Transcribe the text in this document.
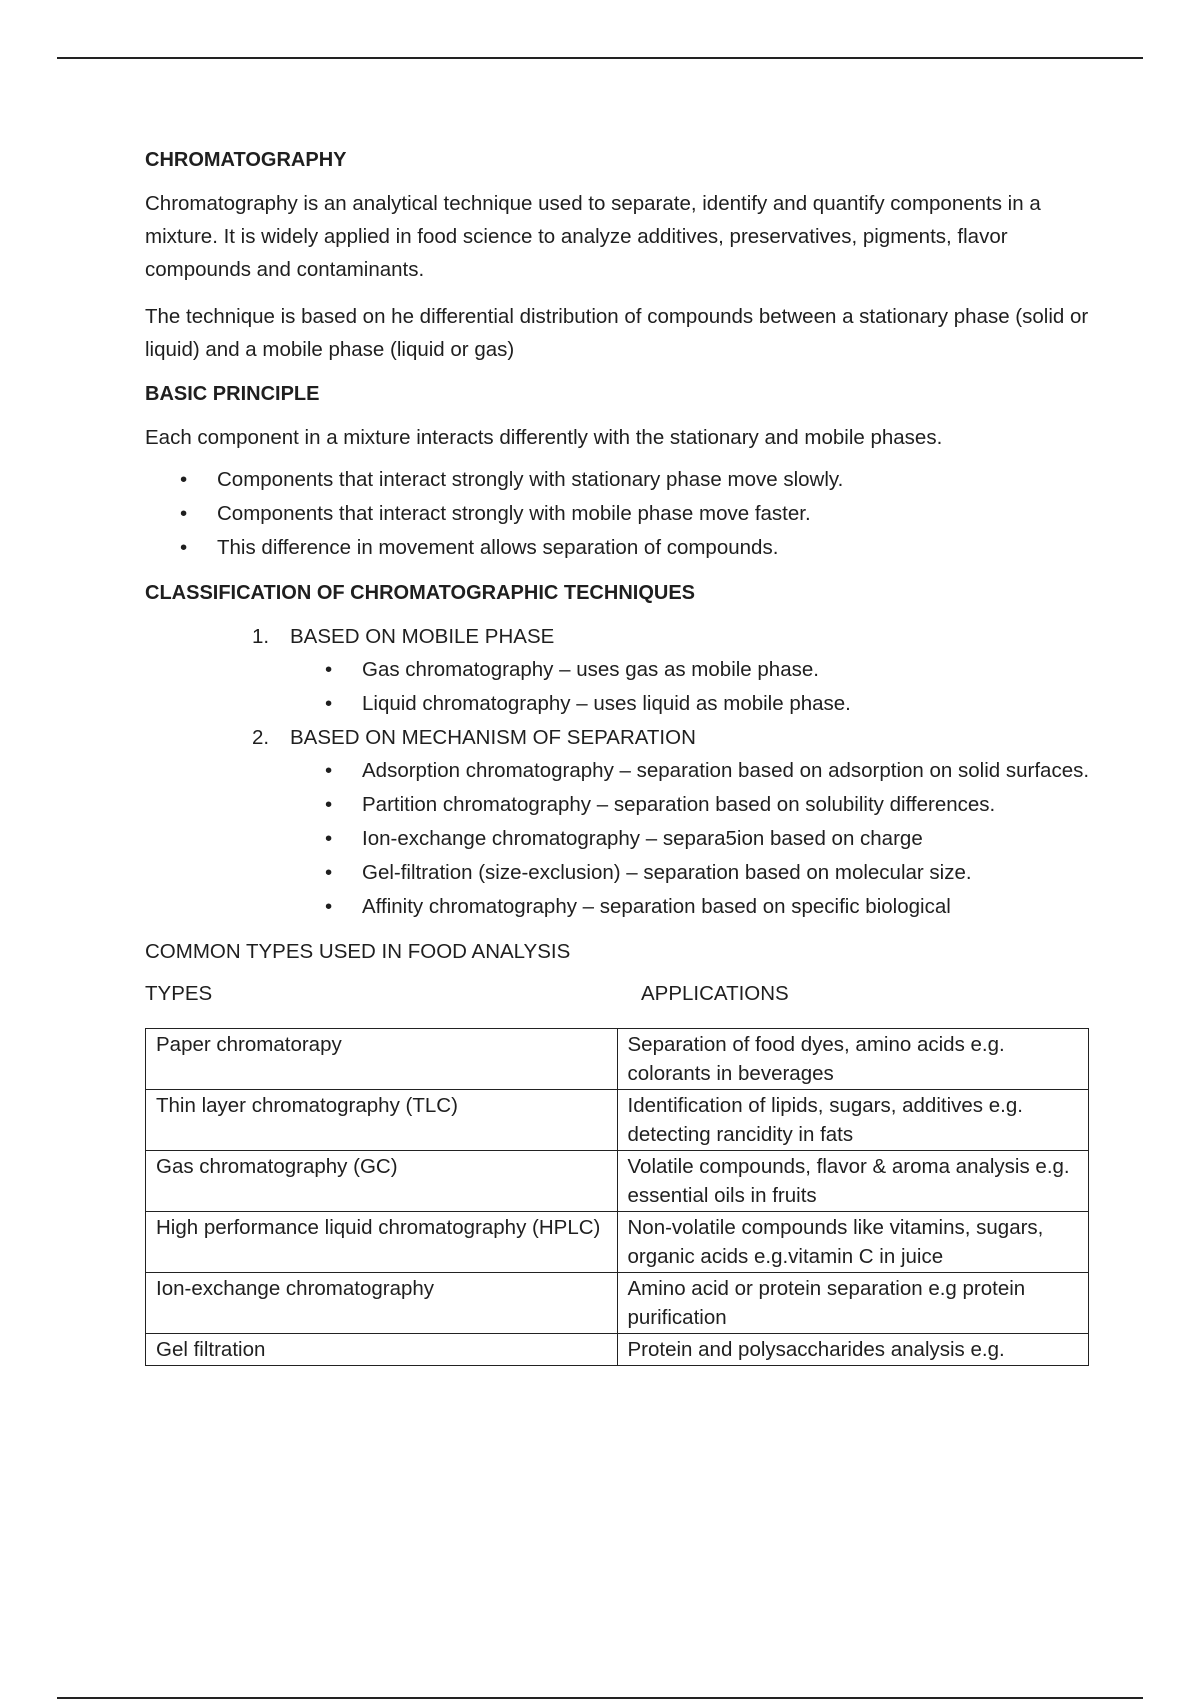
CHROMATOGRAPHY

Chromatography is an analytical technique used to separate, identify and quantify components in a mixture. It is widely applied in food science to analyze additives, preservatives, pigments, flavor compounds and contaminants.

The technique is based on he differential distribution of compounds between a stationary phase (solid or liquid) and a mobile phase (liquid or gas)

BASIC PRINCIPLE

Each component in a mixture interacts differently with the stationary and mobile phases.

• Components that interact strongly with stationary phase move slowly.
• Components that interact strongly with mobile phase move faster.
• This difference in movement allows separation of compounds.
CLASSIFICATION OF CHROMATOGRAPHIC TECHNIQUES
1. BASED ON MOBILE PHASE
• Gas chromatography – uses gas as mobile phase.
• Liquid chromatography – uses liquid as mobile phase.
2. BASED ON MECHANISM OF SEPARATION
• Adsorption chromatography – separation based on adsorption on solid surfaces.
• Partition chromatography – separation based on solubility differences.
• Ion-exchange chromatography – separa5ion based on charge
• Gel-filtration (size-exclusion) – separation based on molecular size.
• Affinity chromatography – separation based on specific biological
COMMON TYPES USED IN FOOD ANALYSIS
TYPES	APPLICATIONS
Paper chromatorapy	Separation of food dyes, amino acids e.g. colorants in beverages
Thin layer chromatography (TLC)	Identification of lipids, sugars, additives e.g. detecting rancidity in fats
Gas chromatography (GC)	Volatile compounds, flavor & aroma analysis e.g. essential oils in fruits
High performance liquid chromatography (HPLC)	Non-volatile compounds like vitamins, sugars, organic acids e.g.vitamin C in juice
Ion-exchange chromatography	Amino acid or protein separation e.g protein purification
Gel filtration	Protein and polysaccharides analysis e.g.
